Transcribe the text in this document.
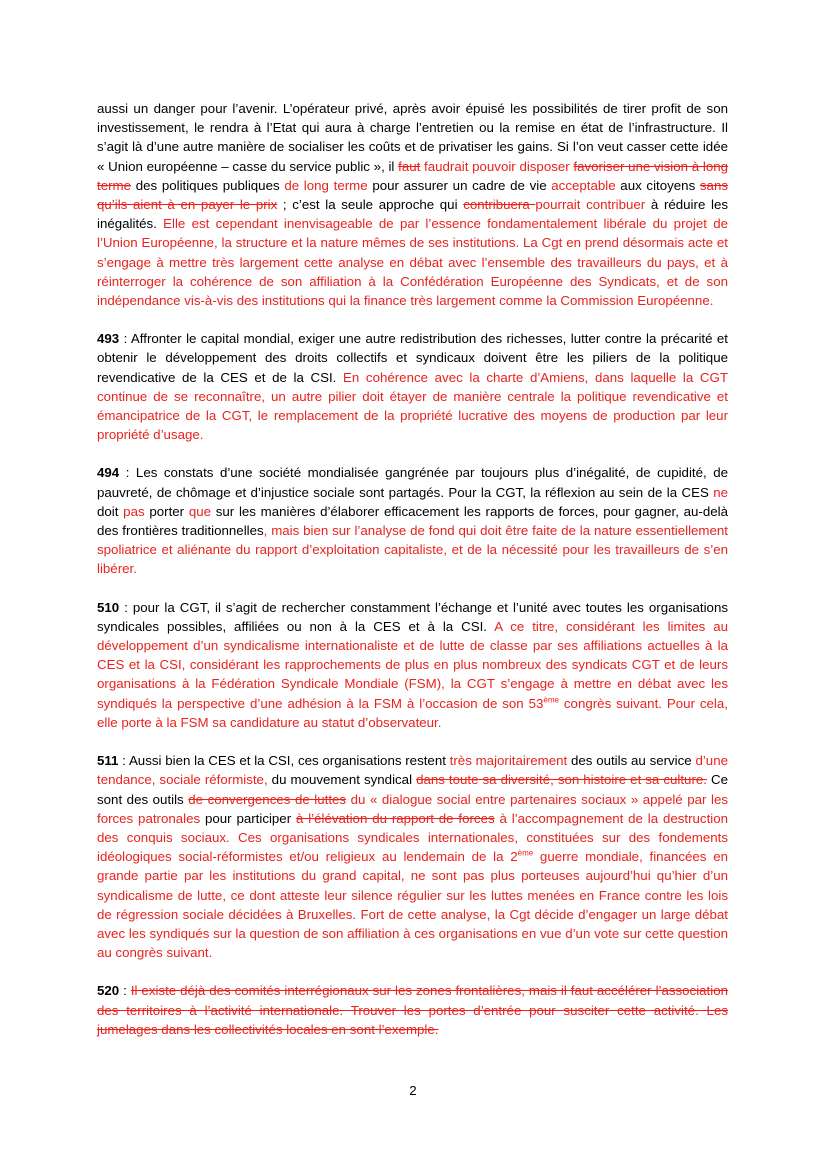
aussi un danger pour l’avenir. L’opérateur privé, après avoir épuisé les possibilités de tirer profit de son investissement, le rendra à l’Etat qui aura à charge l’entretien ou la remise en état de l’infrastructure. Il s’agit là d’une autre manière de socialiser les coûts et de privatiser les gains. Si l’on veut casser cette idée « Union européenne – casse du service public », il faut faudrait pouvoir disposer favoriser une vision à long terme des politiques publiques de long terme pour assurer un cadre de vie acceptable aux citoyens sans qu’ils aient à en payer le prix ; c’est la seule approche qui contribuera pourrait contribuer à réduire les inégalités. Elle est cependant inenvisageable de par l’essence fondamentalement libérale du projet de l’Union Européenne, la structure et la nature mêmes de ses institutions. La Cgt en prend désormais acte et s’engage à mettre très largement cette analyse en débat avec l’ensemble des travailleurs du pays, et à réinterroger la cohérence de son affiliation à la Confédération Européenne des Syndicats, et de son indépendance vis-à-vis des institutions qui la finance très largement comme la Commission Européenne.

493 : Affronter le capital mondial, exiger une autre redistribution des richesses, lutter contre la précarité et obtenir le développement des droits collectifs et syndicaux doivent être les piliers de la politique revendicative de la CES et de la CSI. En cohérence avec la charte d’Amiens, dans laquelle la CGT continue de se reconnaître, un autre pilier doit étayer de manière centrale la politique revendicative et émancipatrice de la CGT, le remplacement de la propriété lucrative des moyens de production par leur propriété d’usage.

494 : Les constats d’une société mondialisée gangrénée par toujours plus d’inégalité, de cupidité, de pauvreté, de chômage et d’injustice sociale sont partagés. Pour la CGT, la réflexion au sein de la CES ne doit pas porter que sur les manières d’élaborer efficacement les rapports de forces, pour gagner, au-delà des frontières traditionnelles, mais bien sur l’analyse de fond qui doit être faite de la nature essentiellement spoliatrice et aliénante du rapport d’exploitation capitaliste, et de la nécessité pour les travailleurs de s’en libérer.

510 : pour la CGT, il s’agit de rechercher constamment l’échange et l’unité avec toutes les organisations syndicales possibles, affiliées ou non à la CES et à la CSI. A ce titre, considérant les limites au développement d’un syndicalisme internationaliste et de lutte de classe par ses affiliations actuelles à la CES et la CSI, considérant les rapprochements de plus en plus nombreux des syndicats CGT et de leurs organisations à la Fédération Syndicale Mondiale (FSM), la CGT s’engage à mettre en débat avec les syndiqués la perspective d’une adhésion à la FSM à l’occasion de son 53ème congrès suivant. Pour cela, elle porte à la FSM sa candidature au statut d’observateur.

511 : Aussi bien la CES et la CSI, ces organisations restent très majoritairement des outils au service d’une tendance, sociale réformiste, du mouvement syndical dans toute sa diversité, son histoire et sa culture. Ce sont des outils de convergences de luttes du « dialogue social entre partenaires sociaux » appelé par les forces patronales pour participer à l’élévation du rapport de forces à l’accompagnement de la destruction des conquis sociaux. Ces organisations syndicales internationales, constituées sur des fondements idéologiques social-réformistes et/ou religieux au lendemain de la 2ème guerre mondiale, financées en grande partie par les institutions du grand capital, ne sont pas plus porteuses aujourd’hui qu’hier d’un syndicalisme de lutte, ce dont atteste leur silence régulier sur les luttes menées en France contre les lois de régression sociale décidées à Bruxelles. Fort de cette analyse, la Cgt décide d’engager un large débat avec les syndiqués sur la question de son affiliation à ces organisations en vue d’un vote sur cette question au congrès suivant.

520 : Il existe déjà des comités interrégionaux sur les zones frontalières, mais il faut accélérer l’association des territoires à l’activité internationale. Trouver les portes d’entrée pour susciter cette activité. Les jumelages dans les collectivités locales en sont l’exemple.

2
